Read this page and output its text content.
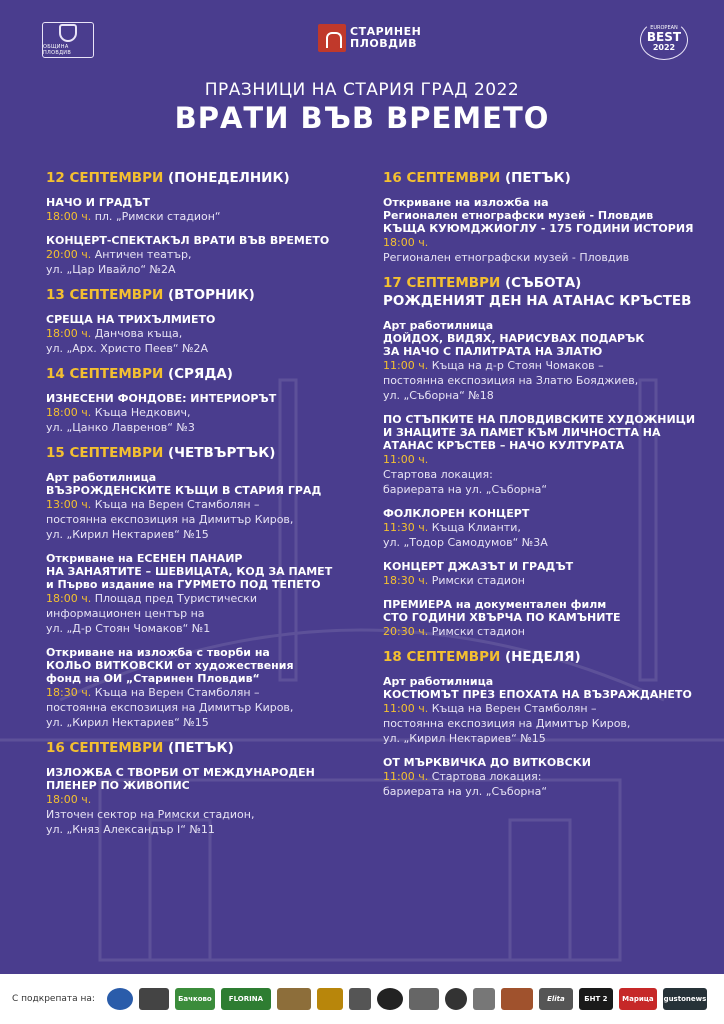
ОБЩИНА ПЛОВДИВ
СТАРИНЕН
ПЛОВДИВ
EUROPEAN
BEST
2022
ПРАЗНИЦИ НА СТАРИЯ ГРАД 2022
ВРАТИ ВЪВ ВРЕМЕТО
12 СЕПТЕМВРИ (ПОНЕДЕЛНИК)
НАЧО И ГРАДЪТ
18:00 ч. пл. „Римски стадион“
КОНЦЕРТ-СПЕКТАКЪЛ ВРАТИ ВЪВ ВРЕМЕТО
20:00 ч. Античен театър,
ул. „Цар Ивайло“ №2А
13 СЕПТЕМВРИ (ВТОРНИК)
СРЕЩА НА ТРИХЪЛМИЕТО
18:00 ч. Данчова къща,
ул. „Арх. Христо Пеев“ №2А
14 СЕПТЕМВРИ (СРЯДА)
ИЗНЕСЕНИ ФОНДОВЕ: ИНТЕРИОРЪТ
18:00 ч. Къща Недкович,
ул. „Цанко Лавренов“ №3
15 СЕПТЕМВРИ (ЧЕТВЪРТЪК)
Арт работилница
ВЪЗРОЖДЕНСКИТЕ КЪЩИ В СТАРИЯ ГРАД
13:00 ч. Къща на Верен Стамболян –
постоянна експозиция на Димитър Киров,
ул. „Кирил Нектариев“ №15
Откриване на ЕСЕНЕН ПАНАИР
НА ЗАНАЯТИТЕ – ШЕВИЦАТА, КОД ЗА ПАМЕТ
и Първо издание на ГУРМЕТО ПОД ТЕПЕТО
18:00 ч. Площад пред Туристически
информационен център на
ул. „Д-р Стоян Чомаков“ №1
Откриване на изложба с творби на
КОЛЬО ВИТКОВСКИ от художествения
фонд на ОИ „Старинен Пловдив“
18:30 ч. Къща на Верен Стамболян –
постоянна експозиция на Димитър Киров,
ул. „Кирил Нектариев“ №15
16 СЕПТЕМВРИ (ПЕТЪК)
ИЗЛОЖБА С ТВОРБИ ОТ МЕЖДУНАРОДЕН
ПЛЕНЕР ПО ЖИВОПИС
18:00 ч.
Източен сектор на Римски стадион,
ул. „Княз Александър I“ №11
16 СЕПТЕМВРИ (ПЕТЪК)
Откриване на изложба на
Регионален етнографски музей - Пловдив
КЪЩА КУЮМДЖИОГЛУ - 175 ГОДИНИ ИСТОРИЯ
18:00 ч.
Регионален етнографски музей - Пловдив
17 СЕПТЕМВРИ (СЪБОТА)
РОЖДЕНИЯТ ДЕН НА АТАНАС КРЪСТЕВ
Арт работилница
ДОЙДОХ, ВИДЯХ, НАРИСУВАХ ПОДАРЪК
ЗА НАЧО С ПАЛИТРАТА НА ЗЛАТЮ
11:00 ч. Къща на д-р Стоян Чомаков –
постоянна експозиция на Златю Бояджиев,
ул. „Съборна“ №18
ПО СТЪПКИТЕ НА ПЛОВДИВСКИТЕ ХУДОЖНИЦИ
И ЗНАЦИТЕ ЗА ПАМЕТ КЪМ ЛИЧНОСТТА НА
АТАНАС КРЪСТЕВ – НАЧО КУЛТУРАТА
11:00 ч.
Стартова локация:
бариерата на ул. „Съборна“
ФОЛКЛОРЕН КОНЦЕРТ
11:30 ч. Къща Клианти,
ул. „Тодор Самодумов“ №3А
КОНЦЕРТ ДЖАЗЪТ И ГРАДЪТ
18:30 ч. Римски стадион
ПРЕМИЕРА на документален филм
СТО ГОДИНИ ХВЪРЧА ПО КАМЪНИТЕ
20:30 ч. Римски стадион
18 СЕПТЕМВРИ (НЕДЕЛЯ)
Арт работилница
КОСТЮМЪТ ПРЕЗ ЕПОХАТА НА ВЪЗРАЖДАНЕТО
11:00 ч. Къща на Верен Стамболян –
постоянна експозиция на Димитър Киров,
ул. „Кирил Нектариев“ №15
ОТ МЪРКВИЧКА ДО ВИТКОВСКИ
11:00 ч. Стартова локация:
бариерата на ул. „Съборна“
С подкрепата на:	Бачково	FLORINA	Elita	БНТ 2	Марица	gustonews
